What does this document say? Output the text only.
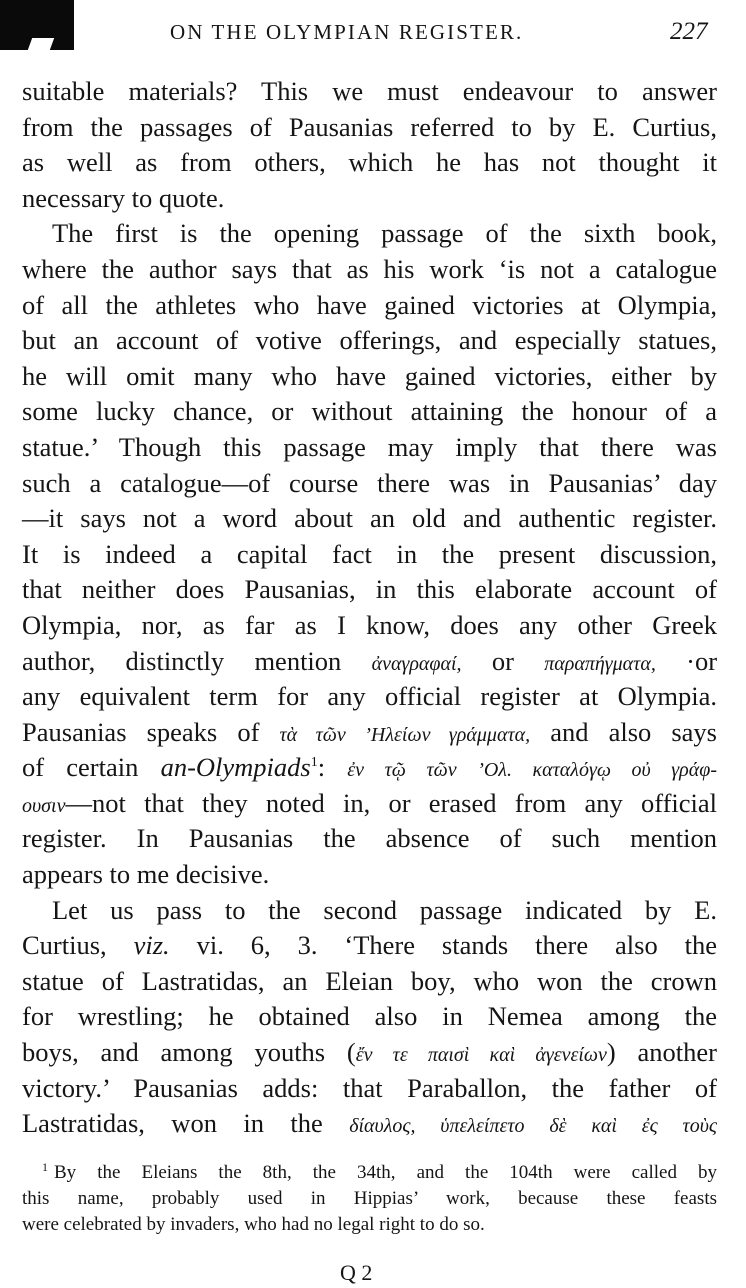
ON THE OLYMPIAN REGISTER.	227
suitable materials? This we must endeavour to answer
from the passages of Pausanias referred to by E. Curtius,
as well as from others, which he has not thought it
necessary to quote.
The first is the opening passage of the sixth book,
where the author says that as his work ‘is not a catalogue
of all the athletes who have gained victories at Olympia,
but an account of votive offerings, and especially statues,
he will omit many who have gained victories, either by
some lucky chance, or without attaining the honour of a
statue.’ Though this passage may imply that there was
such a catalogue—of course there was in Pausanias’ day
—it says not a word about an old and authentic register.
It is indeed a capital fact in the present discussion,
that neither does Pausanias, in this elaborate account of
Olympia, nor, as far as I know, does any other Greek
author, distinctly mention ἀναγραφαί, or παραπήγματα, ·or
any equivalent term for any official register at Olympia.
Pausanias speaks of τὰ τῶν ’Ηλείων γράμματα, and also says
of certain an-Olympiads$^1$: ἐν τῷ τῶν ’Ολ. καταλόγῳ οὐ γράφ-
ουσιν—not that they noted in, or erased from any official
register. In Pausanias the absence of such mention
appears to me decisive.
Let us pass to the second passage indicated by E.
Curtius, viz. vi. 6, 3. ‘There stands there also the
statue of Lastratidas, an Eleian boy, who won the crown
for wrestling; he obtained also in Nemea among the
boys, and among youths (ἔν τε παισὶ καὶ ἀγενείων) another
victory.’ Pausanias adds: that Paraballon, the father of
Lastratidas, won in the δίαυλος, ὑπελείπετο δὲ καὶ ἐς τοὺς
$^1$ By the Eleians the 8th, the 34th, and the 104th were called by
this name, probably used in Hippias’ work, because these feasts
were celebrated by invaders, who had no legal right to do so.
Q 2
